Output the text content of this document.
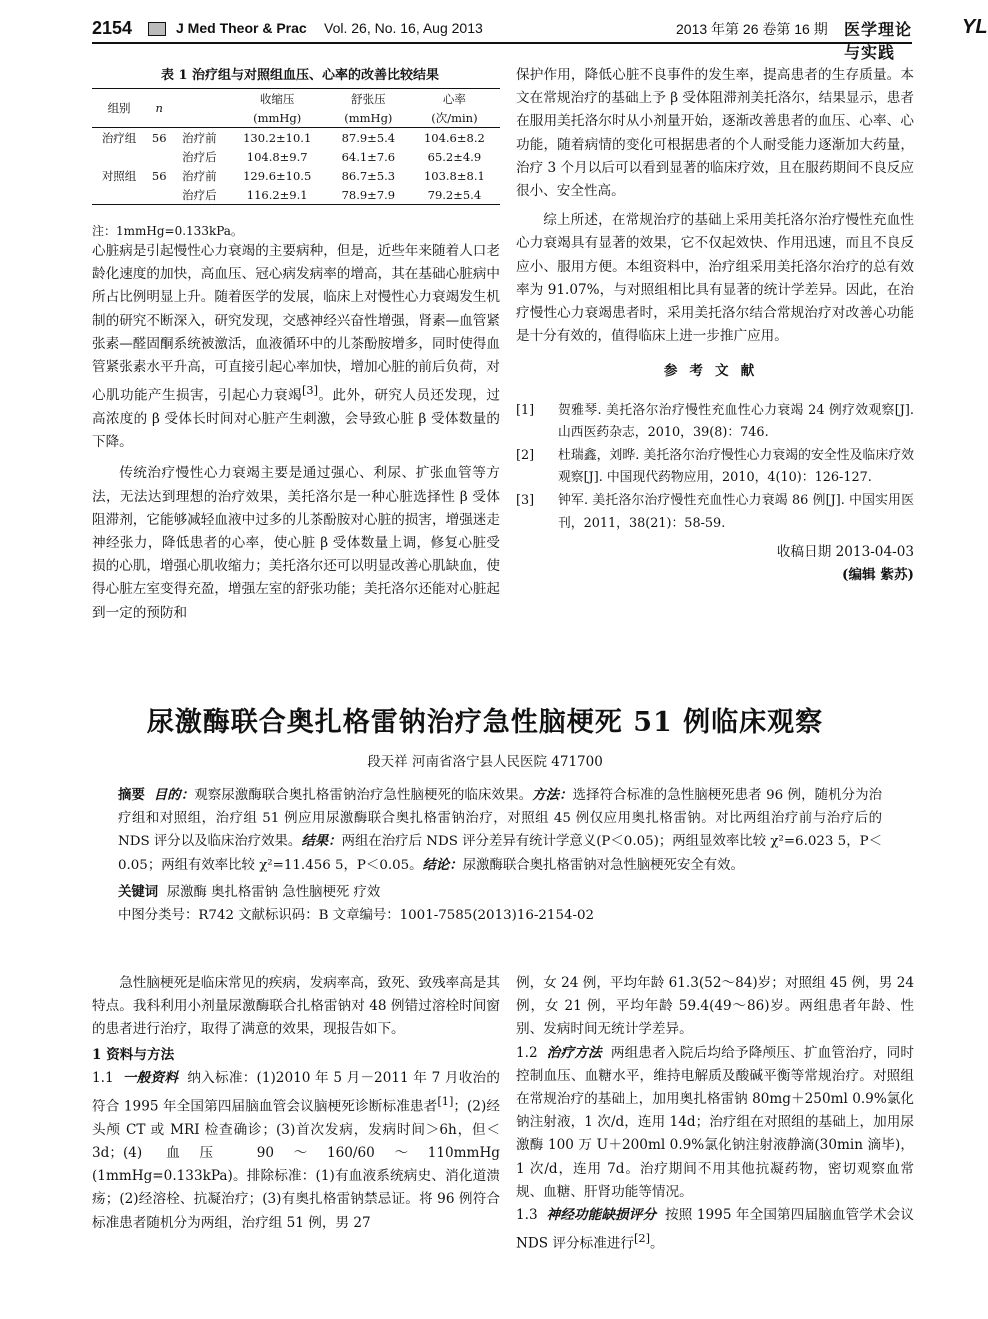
2154	J Med Theor & Prac Vol. 26, No. 16, Aug 2013	2013 年第 26 卷第 16 期 医学理论与实践
YL
表 1 治疗组与对照组血压、心率的改善比较结果
组别	n		收缩压	舒张压	心率
			(mmHg)	(mmHg)	(次/min)
治疗组	56	治疗前	130.2±10.1	87.9±5.4	104.6±8.2
		治疗后	104.8±9.7	64.1±7.6	65.2±4.9
对照组	56	治疗前	129.6±10.5	86.7±5.3	103.8±8.1
		治疗后	116.2±9.1	78.9±7.9	79.2±5.4
注：1mmHg=0.133kPa。

心脏病是引起慢性心力衰竭的主要病种，但是，近些年来随着人口老龄化速度的加快，高血压、冠心病发病率的增高，其在基础心脏病中所占比例明显上升。随着医学的发展，临床上对慢性心力衰竭发生机制的研究不断深入，研究发现，交感神经兴奋性增强，肾素—血管紧张素—醛固酮系统被激活，血液循环中的儿茶酚胺增多，同时使得血管紧张素水平升高，可直接引起心率加快，增加心脏的前后负荷，对心肌功能产生损害，引起心力衰竭[3]。此外，研究人员还发现，过高浓度的 β 受体长时间对心脏产生刺激，会导致心脏 β 受体数量的下降。

传统治疗慢性心力衰竭主要是通过强心、利尿、扩张血管等方法，无法达到理想的治疗效果，美托洛尔是一种心脏选择性 β 受体阻滞剂，它能够减轻血液中过多的儿茶酚胺对心脏的损害，增强迷走神经张力，降低患者的心率，使心脏 β 受体数量上调，修复心脏受损的心肌，增强心肌收缩力；美托洛尔还可以明显改善心肌缺血，使得心脏左室变得充盈，增强左室的舒张功能；美托洛尔还能对心脏起到一定的预防和

保护作用，降低心脏不良事件的发生率，提高患者的生存质量。本文在常规治疗的基础上予 β 受体阻滞剂美托洛尔，结果显示，患者在服用美托洛尔时从小剂量开始，逐渐改善患者的血压、心率、心功能，随着病情的变化可根据患者的个人耐受能力逐渐加大药量，治疗 3 个月以后可以看到显著的临床疗效，且在服药期间不良反应很小、安全性高。

综上所述，在常规治疗的基础上采用美托洛尔治疗慢性充血性心力衰竭具有显著的效果，它不仅起效快、作用迅速，而且不良反应小、服用方便。本组资料中，治疗组采用美托洛尔治疗的总有效率为 91.07%，与对照组相比具有显著的统计学差异。因此，在治疗慢性心力衰竭患者时，采用美托洛尔结合常规治疗对改善心功能是十分有效的，值得临床上进一步推广应用。

参考文献

[1] 贺雅琴. 美托洛尔治疗慢性充血性心力衰竭 24 例疗效观察[J]. 山西医药杂志，2010，39(8)：746.

[2] 杜瑞鑫，刘晔. 美托洛尔治疗慢性心力衰竭的安全性及临床疗效观察[J]. 中国现代药物应用，2010，4(10)：126-127.

[3] 钟军. 美托洛尔治疗慢性充血性心力衰竭 86 例[J]. 中国实用医刊，2011，38(21)：58-59.

收稿日期 2013-04-03
(编辑 紫苏)
尿激酶联合奥扎格雷钠治疗急性脑梗死 51 例临床观察
段天祥 河南省洛宁县人民医院 471700

摘要 目的：观察尿激酶联合奥扎格雷钠治疗急性脑梗死的临床效果。方法：选择符合标准的急性脑梗死患者 96 例，随机分为治疗组和对照组，治疗组 51 例应用尿激酶联合奥扎格雷钠治疗，对照组 45 例仅应用奥扎格雷钠。对比两组治疗前与治疗后的 NDS 评分以及临床治疗效果。结果：两组在治疗后 NDS 评分差异有统计学意义(P＜0.05)；两组显效率比较 χ²=6.023 5，P＜0.05；两组有效率比较 χ²=11.456 5，P＜0.05。结论：尿激酶联合奥扎格雷钠对急性脑梗死安全有效。

关键词 尿激酶 奥扎格雷钠 急性脑梗死 疗效

中图分类号：R742 文献标识码：B 文章编号：1001-7585(2013)16-2154-02

急性脑梗死是临床常见的疾病，发病率高，致死、致残率高是其特点。我科利用小剂量尿激酶联合扎格雷钠对 48 例错过溶栓时间窗的患者进行治疗，取得了满意的效果，现报告如下。

1 资料与方法

1.1 一般资料 纳入标准：(1)2010 年 5 月－2011 年 7 月收治的符合 1995 年全国第四届脑血管会议脑梗死诊断标准患者[1]；(2)经头颅 CT 或 MRI 检查确诊；(3)首次发病，发病时间＞6h，但＜3d；(4) 血压 90～160/60～110mmHg (1mmHg=0.133kPa)。排除标准：(1)有血液系统病史、消化道溃疡；(2)经溶栓、抗凝治疗；(3)有奥扎格雷钠禁忌证。将 96 例符合标准患者随机分为两组，治疗组 51 例，男 27

例，女 24 例，平均年龄 61.3(52～84)岁；对照组 45 例，男 24 例，女 21 例，平均年龄 59.4(49～86)岁。两组患者年龄、性别、发病时间无统计学差异。

1.2 治疗方法 两组患者入院后均给予降颅压、扩血管治疗，同时控制血压、血糖水平，维持电解质及酸碱平衡等常规治疗。对照组在常规治疗的基础上，加用奥扎格雷钠 80mg＋250ml 0.9%氯化钠注射液，1 次/d，连用 14d；治疗组在对照组的基础上，加用尿激酶 100 万 U＋200ml 0.9%氯化钠注射液静滴(30min 滴毕)，1 次/d，连用 7d。治疗期间不用其他抗凝药物，密切观察血常规、血糖、肝肾功能等情况。

1.3 神经功能缺损评分 按照 1995 年全国第四届脑血管学术会议 NDS 评分标准进行[2]。
